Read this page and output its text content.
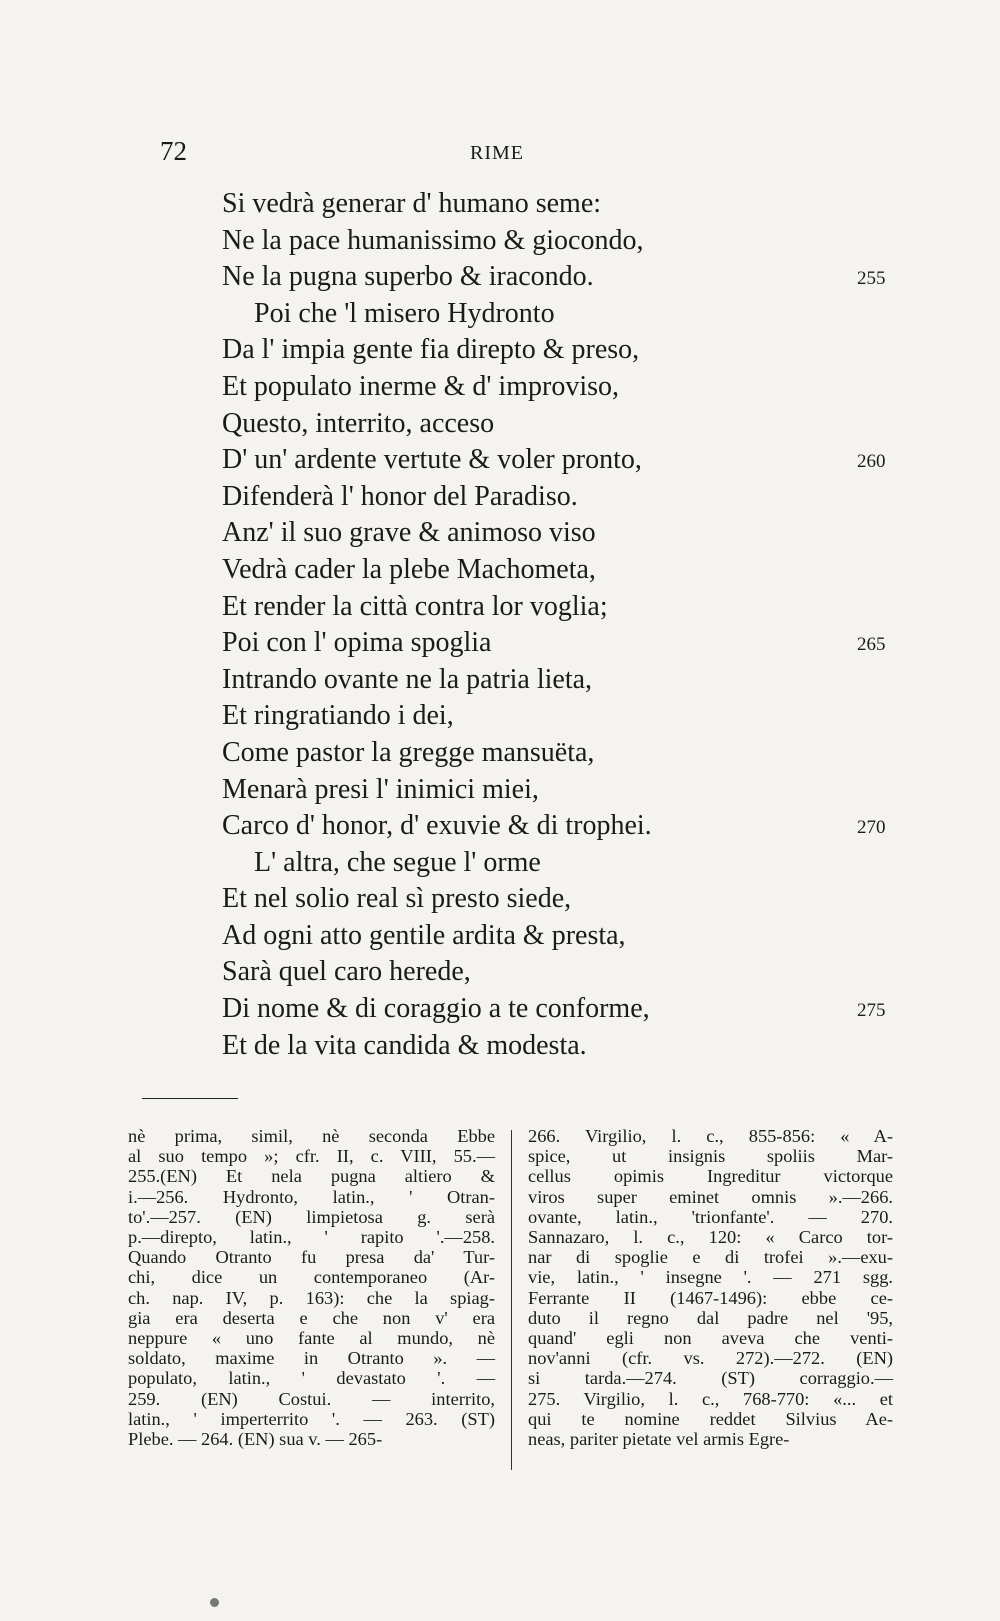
72	RIME
Si vedrà generar d' humano seme:
Ne la pace humanissimo & giocondo,
Ne la pugna superbo & iracondo.	255
Poi che 'l misero Hydronto
Da l' impia gente fia direpto & preso,
Et populato inerme & d' improviso,
Questo, interrito, acceso
D' un' ardente vertute & voler pronto,	260
Difenderà l' honor del Paradiso.
Anz' il suo grave & animoso viso
Vedrà cader la plebe Machometa,
Et render la città contra lor voglia;
Poi con l' opima spoglia	265
Intrando ovante ne la patria lieta,
Et ringratiando i dei,
Come pastor la gregge mansuëta,
Menarà presi l' inimici miei,
Carco d' honor, d' exuvie & di trophei.	270
L' altra, che segue l' orme
Et nel solio real sì presto siede,
Ad ogni atto gentile ardita & presta,
Sarà quel caro herede,
Di nome & di coraggio a te conforme,	275
Et de la vita candida & modesta.
nè prima, simil, nè seconda Ebbe
al suo tempo »; cfr. II, c. VIII, 55.—
255.(EN) Et nela pugna altiero &
i.—256. Hydronto, latin., ' Otran-
to'.—257. (EN) limpietosa g. serà
p.—direpto, latin., ' rapito '.—258.
Quando Otranto fu presa da' Tur-
chi, dice un contemporaneo (Ar-
ch. nap. IV, p. 163): che la spiag-
gia era deserta e che non v' era
neppure « uno fante al mundo, nè
soldato, maxime in Otranto ». —
populato, latin., ' devastato '. —
259. (EN) Costui. — interrito,
latin., ' imperterrito '. — 263. (ST)
Plebe. — 264. (EN) sua v. — 265-
266. Virgilio, l. c., 855-856: « A-
spice, ut insignis spoliis Mar-
cellus opimis Ingreditur victorque
viros super eminet omnis ».—266.
ovante, latin., 'trionfante'. — 270.
Sannazaro, l. c., 120: « Carco tor-
nar di spoglie e di trofei ».—exu-
vie, latin., ' insegne '. — 271 sgg.
Ferrante II (1467-1496): ebbe ce-
duto il regno dal padre nel '95,
quand' egli non aveva che venti-
nov'anni (cfr. vs. 272).—272. (EN)
si tarda.—274. (ST) corraggio.—
275. Virgilio, l. c., 768-770: «... et
qui te nomine reddet Silvius Ae-
neas, pariter pietate vel armis Egre-
